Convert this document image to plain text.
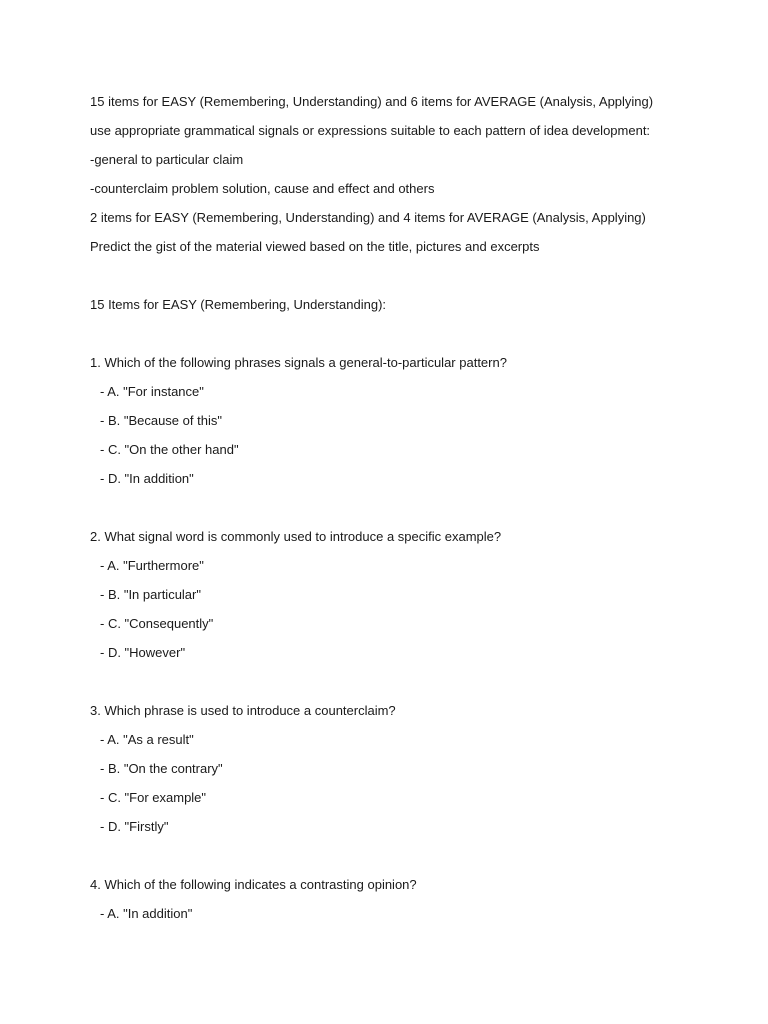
15 items for EASY (Remembering, Understanding) and 6 items for AVERAGE (Analysis, Applying)
use appropriate grammatical signals or expressions suitable to each pattern of idea development:
-general to particular claim
-counterclaim problem solution, cause and effect and others
2 items for EASY (Remembering, Understanding) and 4 items for AVERAGE (Analysis, Applying)
Predict the gist of the material viewed based on the title, pictures and excerpts
15 Items for EASY (Remembering, Understanding):
1. Which of the following phrases signals a general-to-particular pattern?
- A. "For instance"
- B. "Because of this"
- C. "On the other hand"
- D. "In addition"
2. What signal word is commonly used to introduce a specific example?
- A. "Furthermore"
- B. "In particular"
- C. "Consequently"
- D. "However"
3. Which phrase is used to introduce a counterclaim?
- A. "As a result"
- B. "On the contrary"
- C. "For example"
- D. "Firstly"
4. Which of the following indicates a contrasting opinion?
- A. "In addition"
